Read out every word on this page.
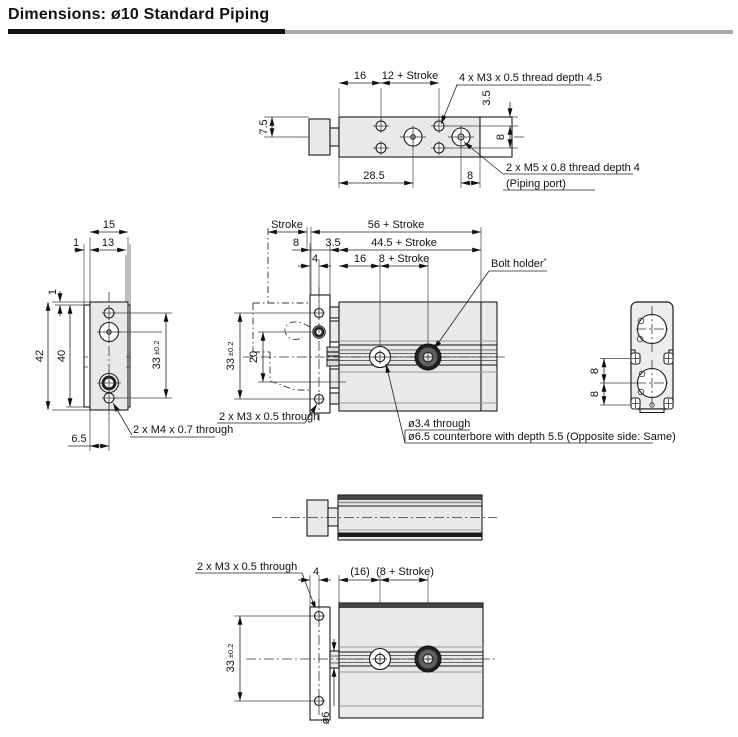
Dimensions: ø10 Standard Piping
16 12 + Stroke 4 x M3 x 0.5 thread depth 4.5
7.5
3.5
8
28.5	8
2 x M5 x 0.8 thread depth 4
(Piping port)
15
1 13
1
42 40
33±0.2
6.5
2 x M4 x 0.7 through
Stroke	56 + Stroke
8 3.5	44.5 + Stroke
4	16 8 + Stroke	Bolt holder*
33±0.2
20
2 x M3 x 0.5 through
ø3.4 through
ø6.5 counterbore with depth 5.5 (Opposite side: Same)
8
8
2 x M3 x 0.5 through 4	(16) (8 + Stroke)
33±0.2
ø6
